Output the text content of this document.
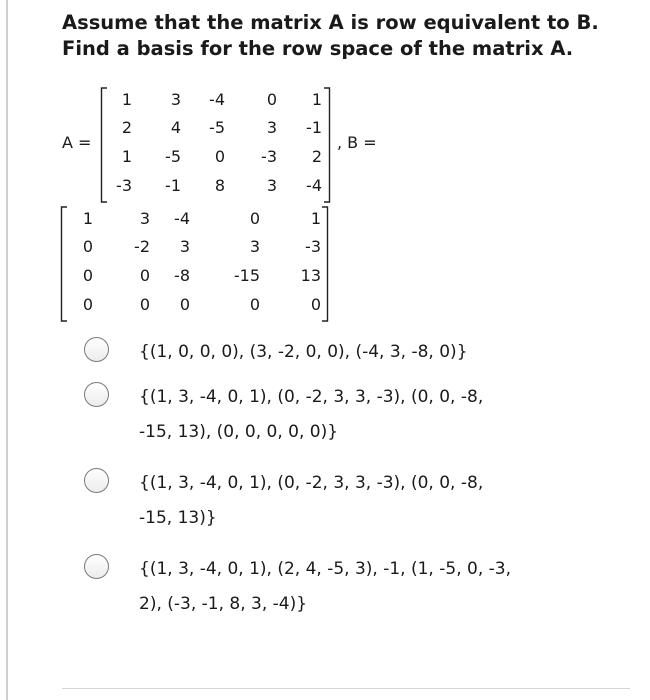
Assume that the matrix A is row equivalent to B.
Find a basis for the row space of the matrix A.
A =
1	3	-4	0	1
2	4	-5	3	-1
1	-5	0	-3	2
-3	-1	8	3	-4
, B =
1	3	-4	0	1
0	-2	3	3	-3
0	0	-8	-15	13
0	0	0	0	0
{(1, 0, 0, 0), (3, -2, 0, 0), (-4, 3, -8, 0)}
{(1, 3, -4, 0, 1), (0, -2, 3, 3, -3), (0, 0, -8, -15, 13), (0, 0, 0, 0, 0)}
{(1, 3, -4, 0, 1), (0, -2, 3, 3, -3), (0, 0, -8, -15, 13)}
{(1, 3, -4, 0, 1), (2, 4, -5, 3), -1, (1, -5, 0, -3, 2), (-3, -1, 8, 3, -4)}
